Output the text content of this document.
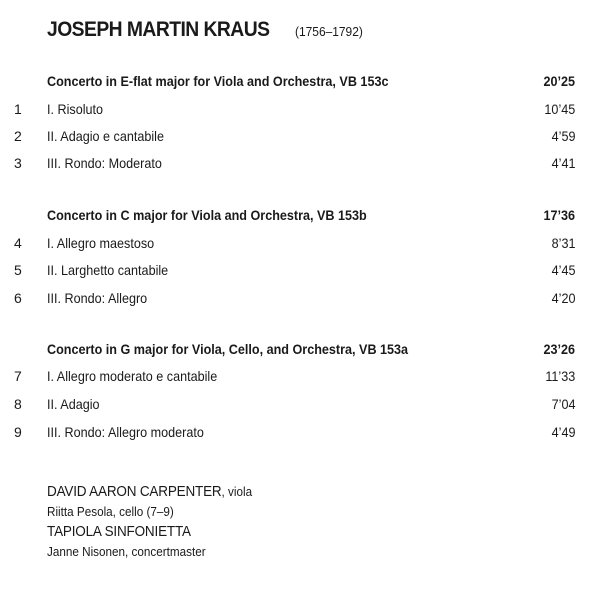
JOSEPH MARTIN KRAUS (1756–1792)
Concerto in E-flat major for Viola and Orchestra, VB 153c	20’25
1	I. Risoluto	10’45
2	II. Adagio e cantabile	4’59
3	III. Rondo: Moderato	4’41
Concerto in C major for Viola and Orchestra, VB 153b	17’36
4	I. Allegro maestoso	8’31
5	II. Larghetto cantabile	4’45
6	III. Rondo: Allegro	4’20
Concerto in G major for Viola, Cello, and Orchestra, VB 153a	23’26
7	I. Allegro moderato e cantabile	11’33
8	II. Adagio	7’04
9	III. Rondo: Allegro moderato	4’49
DAVID AARON CARPENTER, viola
Riitta Pesola, cello (7–9)
TAPIOLA SINFONIETTA
Janne Nisonen, concertmaster
